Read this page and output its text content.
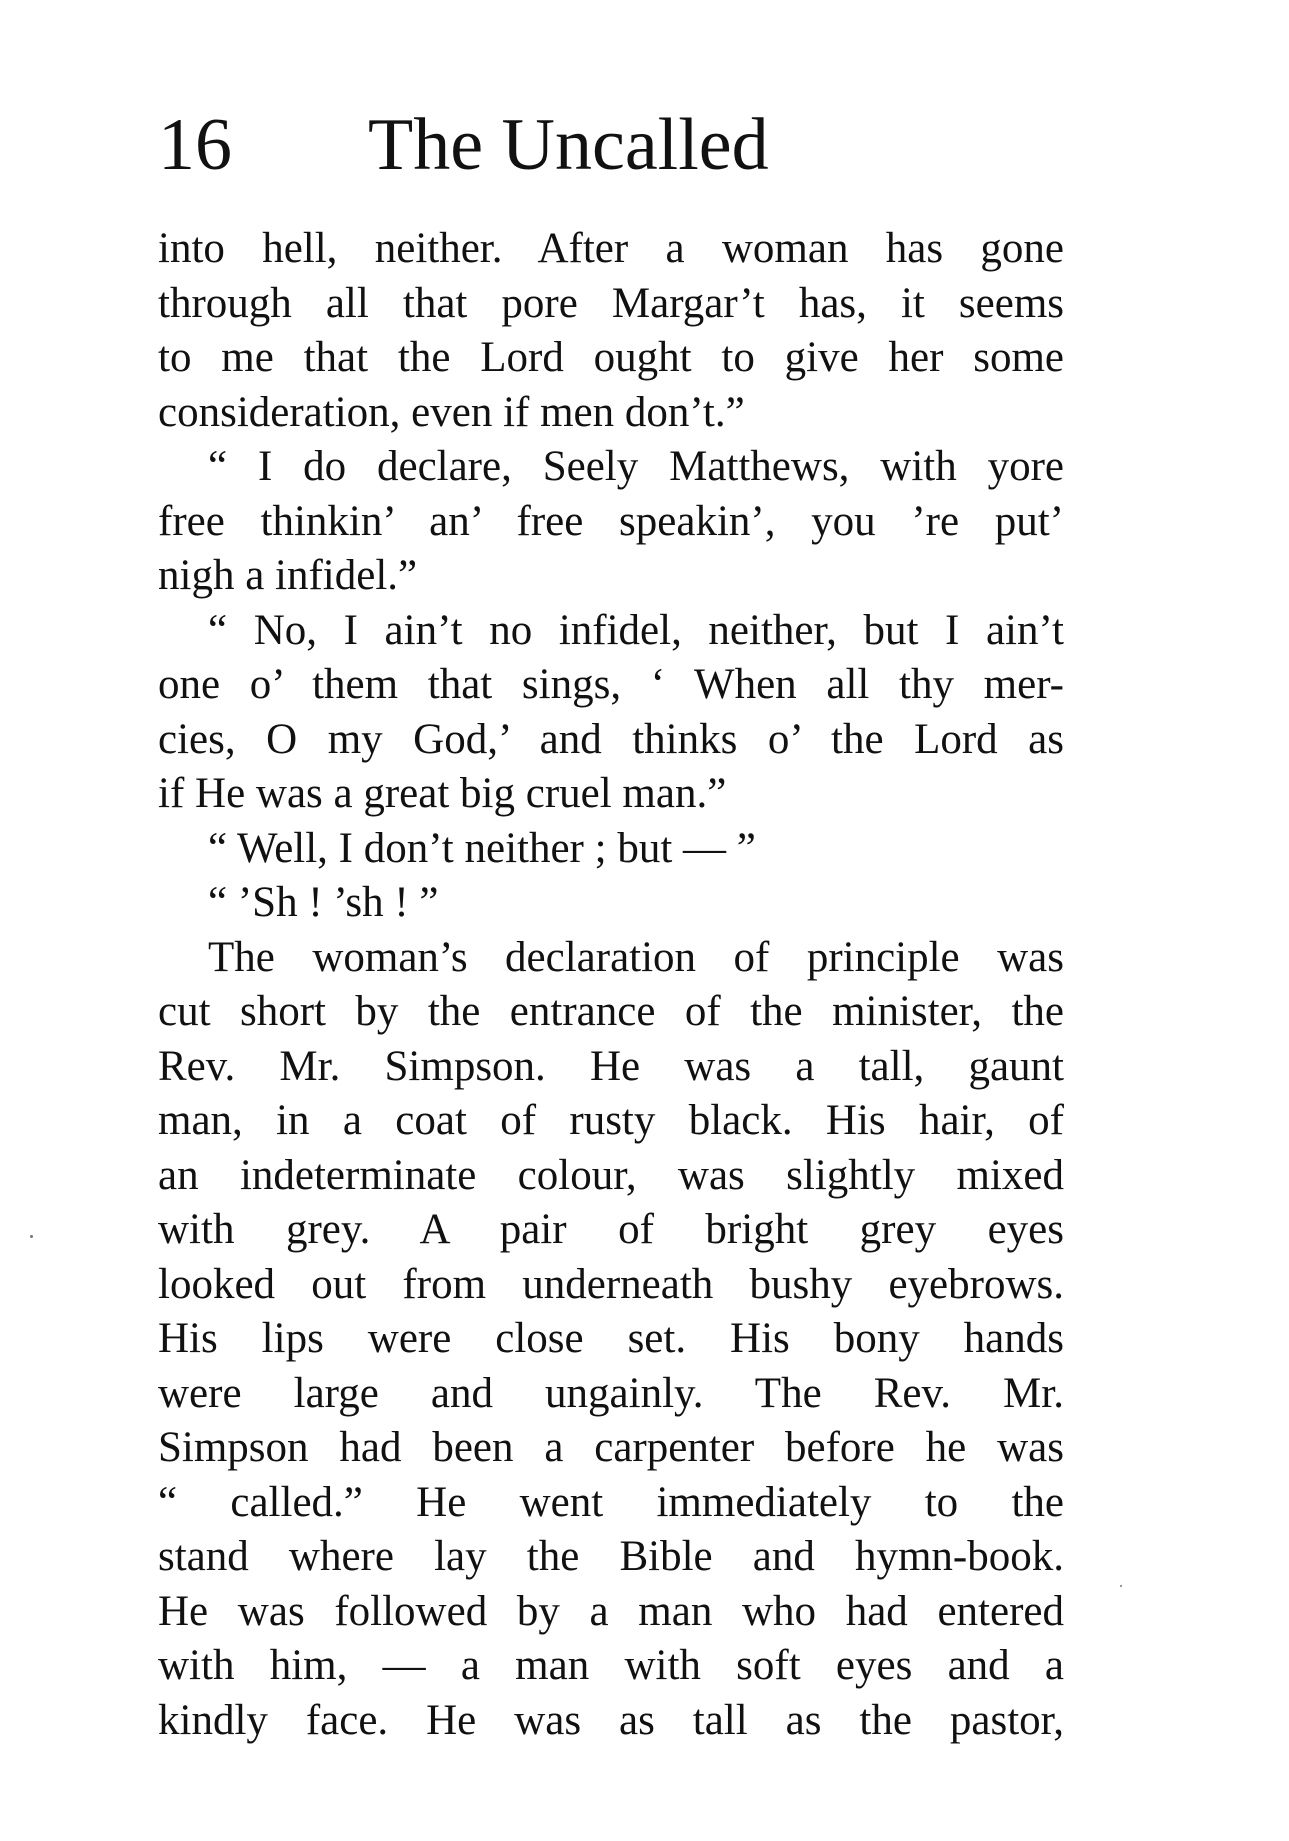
16 The Uncalled
into hell, neither. After a woman has gone
through all that pore Margar’t has, it seems
to me that the Lord ought to give her some
consideration, even if men don’t.”
“ I do declare, Seely Matthews, with yore
free thinkin’ an’ free speakin’, you ’re put’
nigh a infidel.”
“ No, I ain’t no infidel, neither, but I ain’t
one o’ them that sings, ‘ When all thy mer-
cies, O my God,’ and thinks o’ the Lord as
if He was a great big cruel man.”
“ Well, I don’t neither ; but — ”
“ ’Sh ! ’sh ! ”
The woman’s declaration of principle was
cut short by the entrance of the minister, the
Rev. Mr. Simpson. He was a tall, gaunt
man, in a coat of rusty black. His hair, of
an indeterminate colour, was slightly mixed
with grey. A pair of bright grey eyes
looked out from underneath bushy eyebrows.
His lips were close set. His bony hands
were large and ungainly. The Rev. Mr.
Simpson had been a carpenter before he was
“ called.” He went immediately to the
stand where lay the Bible and hymn-book.
He was followed by a man who had entered
with him, — a man with soft eyes and a
kindly face. He was as tall as the pastor,
